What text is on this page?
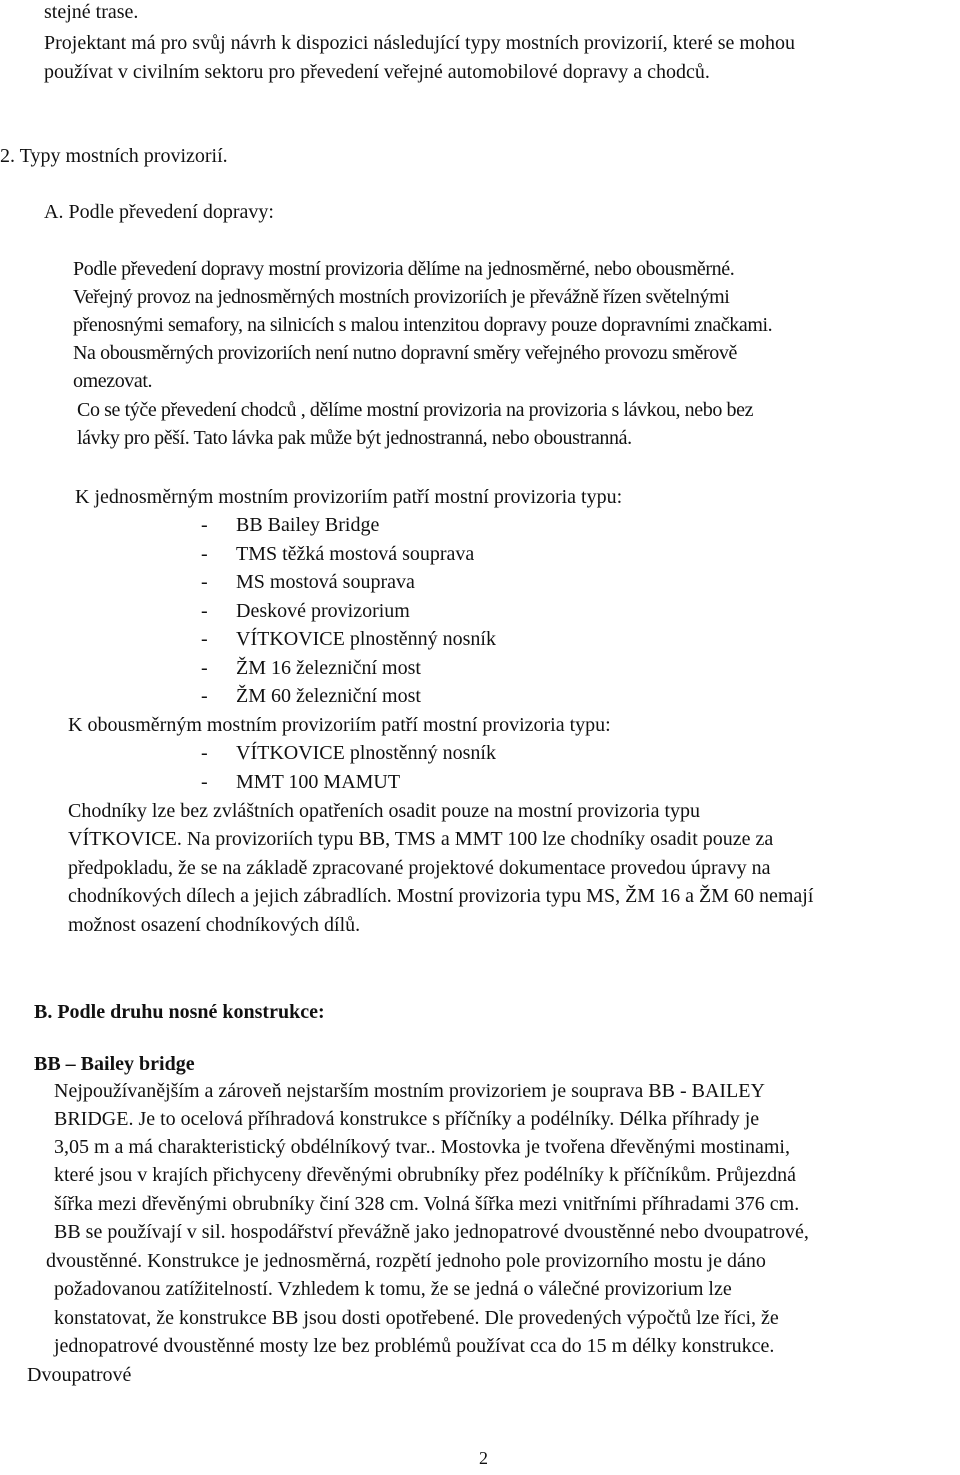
stejné trase.
Projektant má pro svůj návrh k dispozici následující typy mostních provizorií, které se mohou
používat v civilním sektoru pro převedení veřejné automobilové dopravy a chodců.
2. Typy mostních provizorií.
A. Podle převedení dopravy:
Podle převedení dopravy mostní provizoria dělíme na jednosměrné, nebo obousměrné.
Veřejný provoz na jednosměrných mostních provizoriích je převážně řízen světelnými
přenosnými semafory, na silnicích s malou intenzitou dopravy pouze dopravními značkami.
Na obousměrných provizoriích není nutno dopravní směry veřejného provozu směrově
omezovat.
Co se týče převedení chodců , dělíme mostní provizoria na provizoria s lávkou, nebo bez
lávky pro pěší. Tato lávka pak může být jednostranná, nebo oboustranná.
K jednosměrným mostním provizoriím patří mostní provizoria typu:
- BB Bailey Bridge
- TMS těžká mostová souprava
- MS mostová souprava
- Deskové provizorium
- VÍTKOVICE plnostěnný nosník
- ŽM 16 železniční most
- ŽM 60 železniční most
K obousměrným mostním provizoriím patří mostní provizoria typu:
- VÍTKOVICE plnostěnný nosník
- MMT 100 MAMUT
Chodníky lze bez zvláštních opatřeních osadit pouze na mostní provizoria typu
VÍTKOVICE. Na provizoriích typu BB, TMS a MMT 100 lze chodníky osadit pouze za
předpokladu, že se na základě zpracované projektové dokumentace provedou úpravy na
chodníkových dílech a jejich zábradlích. Mostní provizoria typu MS, ŽM 16 a ŽM 60 nemají
možnost osazení chodníkových dílů.
B. Podle druhu nosné konstrukce:
BB – Bailey bridge
Nejpoužívanějším a zároveň nejstarším mostním provizoriem je souprava BB - BAILEY
BRIDGE. Je to ocelová příhradová konstrukce s příčníky a podélníky. Délka příhrady je
3,05 m a má charakteristický obdélníkový tvar.. Mostovka je tvořena dřevěnými mostinami,
které jsou v krajích přichyceny dřevěnými obrubníky přez podélníky k příčníkům. Průjezdná
šířka mezi dřevěnými obrubníky činí 328 cm. Volná šířka mezi vnitřními příhradami 376 cm.
BB se používají v sil. hospodářství převážně jako jednopatrové dvoustěnné nebo dvoupatrové,
dvoustěnné. Konstrukce je jednosměrná, rozpětí jednoho pole provizorního mostu je dáno
požadovanou zatížitelností. Vzhledem k tomu, že se jedná o válečné provizorium lze
konstatovat, že konstrukce BB jsou dosti opotřebené. Dle provedených výpočtů lze říci, že
jednopatrové dvoustěnné mosty lze bez problémů používat cca do 15 m délky konstrukce.
Dvoupatrové
2
